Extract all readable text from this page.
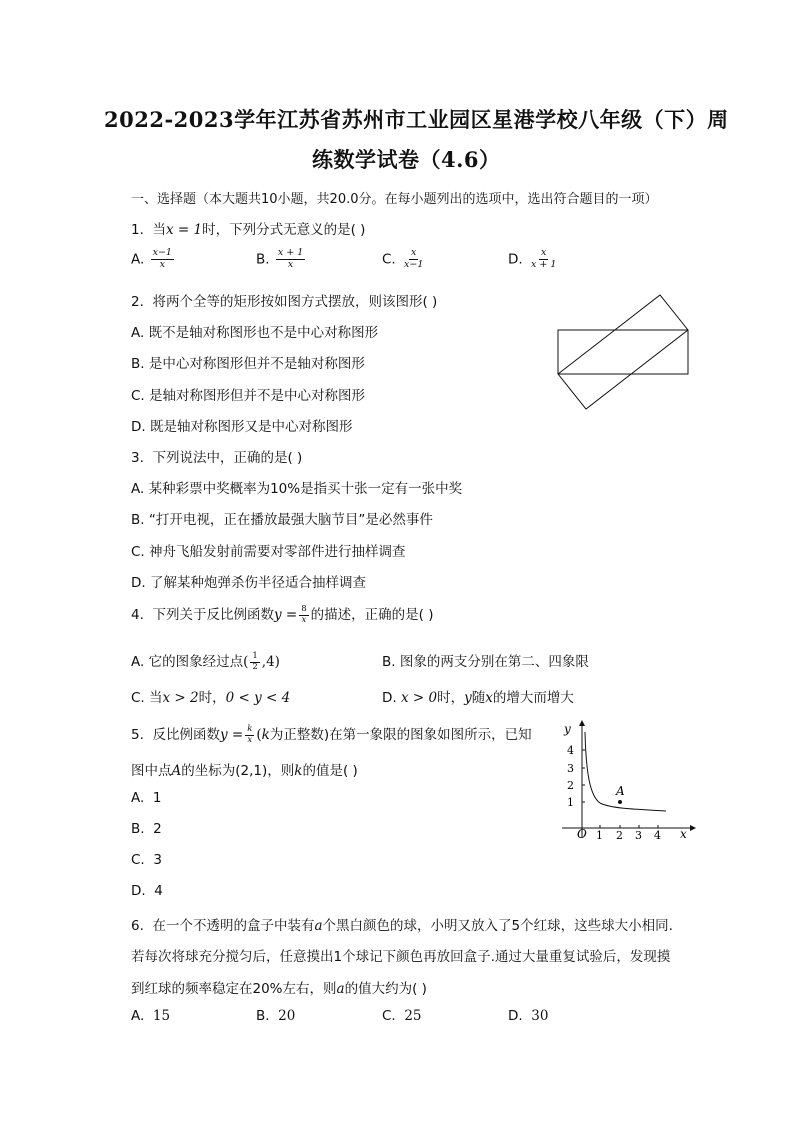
2022-2023学年江苏省苏州市工业园区星港学校八年级（下）周
练数学试卷（4.6）
一、选择题（本大题共10小题，共20.0分。在每小题列出的选项中，选出符合题目的一项）
1. 当x = 1时，下列分式无意义的是( )
A. $\frac{x-1}{x}$	B. $\frac{x + 1}{x}$	C. $\frac{x}{x-1}$	D. $\frac{x}{x + 1}$
2. 将两个全等的矩形按如图方式摆放，则该图形( )
A. 既不是轴对称图形也不是中心对称图形
B. 是中心对称图形但并不是轴对称图形
C. 是轴对称图形但并不是中心对称图形
D. 既是轴对称图形又是中心对称图形
3. 下列说法中，正确的是( )
A. 某种彩票中奖概率为10%是指买十张一定有一张中奖
B. “打开电视，正在播放最强大脑节目”是必然事件
C. 神舟飞船发射前需要对零部件进行抽样调查
D. 了解某种炮弹杀伤半径适合抽样调查
4. 下列关于反比例函数$y = \frac{8}{x}$ 的描述，正确的是( )
A. 它的图象经过点( $\frac{1}{2} ,4$)	B. 图象的两支分别在第二、四象限
C. 当x > 2时，0 < y < 4	D. x > 0时，y随x的增大而增大
5. 反比例函数$y = \frac{k}{x} (k$为正整数)在第一象限的图象如图所示，已知
图中点A的坐标为(2,1)，则k的值是( )
A. 1
B. 2
C. 3
D. 4
y
x
O
4
3
2
1
1 2 3 4
A
6. 在一个不透明的盒子中装有a个黑白颜色的球，小明又放入了5个红球，这些球大小相同.
若每次将球充分搅匀后，任意摸出1个球记下颜色再放回盒子.通过大量重复试验后，发现摸
到红球的频率稳定在20%左右，则a的值大约为( )
A. 15	B. 20	C. 25	D. 30
